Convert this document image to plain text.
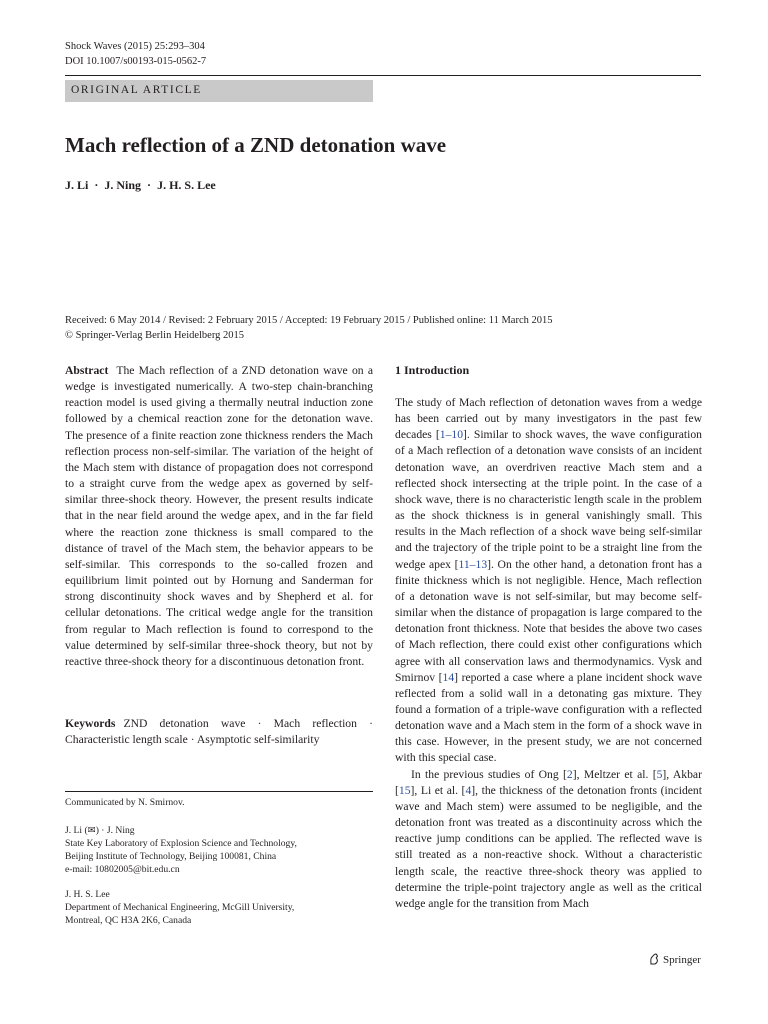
Shock Waves (2015) 25:293–304
DOI 10.1007/s00193-015-0562-7
ORIGINAL ARTICLE
Mach reflection of a ZND detonation wave
J. Li · J. Ning · J. H. S. Lee
Received: 6 May 2014 / Revised: 2 February 2015 / Accepted: 19 February 2015 / Published online: 11 March 2015
© Springer-Verlag Berlin Heidelberg 2015
Abstract The Mach reflection of a ZND detonation wave on a wedge is investigated numerically. A two-step chain-branching reaction model is used giving a thermally neutral induction zone followed by a chemical reaction zone for the detonation wave. The presence of a finite reaction zone thickness renders the Mach reflection process non-self-similar. The variation of the height of the Mach stem with distance of propagation does not correspond to a straight curve from the wedge apex as governed by self-similar three-shock theory. However, the present results indicate that in the near field around the wedge apex, and in the far field where the reaction zone thickness is small compared to the distance of travel of the Mach stem, the behavior appears to be self-similar. This corresponds to the so-called frozen and equilibrium limit pointed out by Hornung and Sanderman for strong discontinuity shock waves and by Shepherd et al. for cellular detonations. The critical wedge angle for the transition from regular to Mach reflection is found to correspond to the value determined by self-similar three-shock theory, but not by reactive three-shock theory for a discontinuous detonation front.
Keywords ZND detonation wave · Mach reflection · Characteristic length scale · Asymptotic self-similarity
Communicated by N. Smirnov.
J. Li (✉) · J. Ning
State Key Laboratory of Explosion Science and Technology,
Beijing Institute of Technology, Beijing 100081, China
e-mail: 10802005@bit.edu.cn
J. H. S. Lee
Department of Mechanical Engineering, McGill University,
Montreal, QC H3A 2K6, Canada
1 Introduction

The study of Mach reflection of detonation waves from a wedge has been carried out by many investigators in the past few decades [1–10]. Similar to shock waves, the wave configuration of a Mach reflection of a detonation wave consists of an incident detonation wave, an overdriven reactive Mach stem and a reflected shock intersecting at the triple point. In the case of a shock wave, there is no characteristic length scale in the problem as the shock thickness is in general vanishingly small. This results in the Mach reflection of a shock wave being self-similar and the trajectory of the triple point to be a straight line from the wedge apex [11–13]. On the other hand, a detonation front has a finite thickness which is not negligible. Hence, Mach reflection of a detonation wave is not self-similar, but may become self-similar when the distance of propagation is large compared to the detonation front thickness. Note that besides the above two cases of Mach reflection, there could exist other configurations which agree with all conservation laws and thermodynamics. Vysk and Smirnov [14] reported a case where a plane incident shock wave reflected from a solid wall in a detonating gas mixture. They found a formation of a triple-wave configuration with a reflected detonation wave and a Mach stem in the form of a shock wave in this case. However, in the present study, we are not concerned with this special case.

In the previous studies of Ong [2], Meltzer et al. [5], Akbar [15], Li et al. [4], the thickness of the detonation fronts (incident wave and Mach stem) were assumed to be negligible, and the detonation front was treated as a discontinuity across which the reactive jump conditions can be applied. The reflected wave is still treated as a non-reactive shock. Without a characteristic length scale, the reactive three-shock theory was applied to determine the triple-point trajectory angle as well as the critical wedge angle for the transition from Mach

Springer
